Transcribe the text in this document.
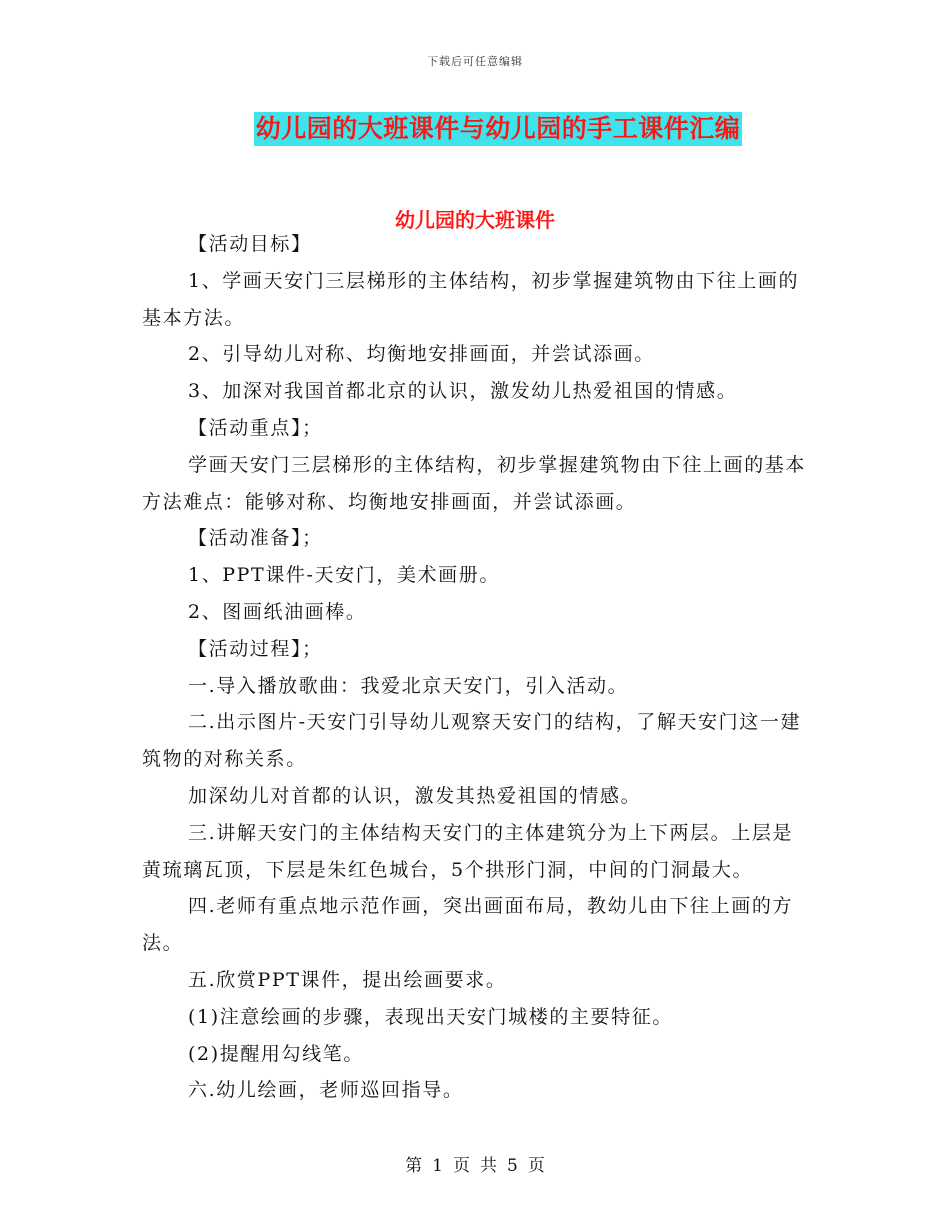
下载后可任意编辑
幼儿园的大班课件与幼儿园的手工课件汇编
幼儿园的大班课件

【活动目标】

1、学画天安门三层梯形的主体结构，初步掌握建筑物由下往上画的基本方法。

2、引导幼儿对称、均衡地安排画面，并尝试添画。

3、加深对我国首都北京的认识，激发幼儿热爱祖国的情感。

【活动重点】；

学画天安门三层梯形的主体结构，初步掌握建筑物由下往上画的基本方法难点：能够对称、均衡地安排画面，并尝试添画。

【活动准备】；

1、PPT课件-天安门，美术画册。

2、图画纸油画棒。

【活动过程】；

一.导入播放歌曲：我爱北京天安门，引入活动。

二.出示图片-天安门引导幼儿观察天安门的结构，了解天安门这一建筑物的对称关系。

加深幼儿对首都的认识，激发其热爱祖国的情感。

三.讲解天安门的主体结构天安门的主体建筑分为上下两层。上层是黄琉璃瓦顶，下层是朱红色城台，5个拱形门洞，中间的门洞最大。

四.老师有重点地示范作画，突出画面布局，教幼儿由下往上画的方法。

五.欣赏PPT课件，提出绘画要求。

(1)注意绘画的步骤，表现出天安门城楼的主要特征。

(2)提醒用勾线笔。

六.幼儿绘画，老师巡回指导。

第 1 页 共 5 页
